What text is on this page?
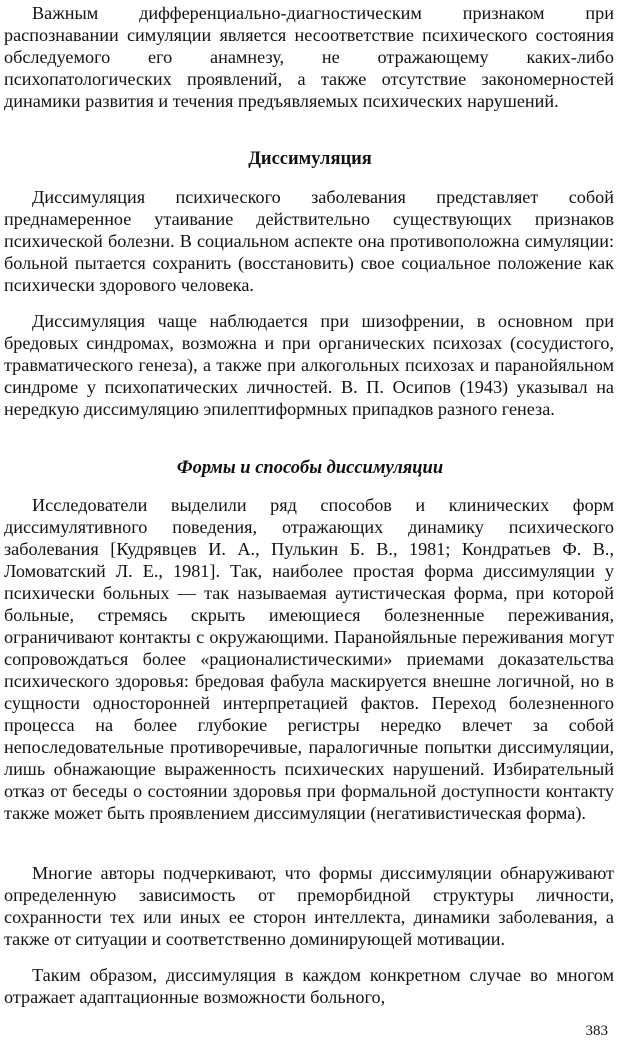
Важным дифференциально-диагностическим признаком при распознавании симуляции является несоответствие психического состояния обследуемого его анамнезу, не отражающему каких-либо психопатологических проявлений, а также отсутствие закономерностей динамики развития и течения предъявляемых психических нарушений.

Диссимуляция

Диссимуляция психического заболевания представляет собой преднамеренное утаивание действительно существующих признаков психической болезни. В социальном аспекте она противоположна симуляции: больной пытается сохранить (восстановить) свое социальное положение как психически здорового человека.

Диссимуляция чаще наблюдается при шизофрении, в основном при бредовых синдромах, возможна и при органических психозах (сосудистого, травматического генеза), а также при алкогольных психозах и паранойяльном синдроме у психопатических личностей. В. П. Осипов (1943) указывал на нередкую диссимуляцию эпилептиформных припадков разного генеза.

Формы и способы диссимуляции

Исследователи выделили ряд способов и клинических форм диссимулятивного поведения, отражающих динамику психического заболевания [Кудрявцев И. А., Пулькин Б. В., 1981; Кондратьев Ф. В., Ломоватский Л. Е., 1981]. Так, наиболее простая форма диссимуляции у психически больных — так называемая аутистическая форма, при которой больные, стремясь скрыть имеющиеся болезненные переживания, ограничивают контакты с окружающими. Паранойяльные переживания могут сопровождаться более «рационалистическими» приемами доказательства психического здоровья: бредовая фабула маскируется внешне логичной, но в сущности односторонней интерпретацией фактов. Переход болезненного процесса на более глубокие регистры нередко влечет за собой непоследовательные противоречивые, паралогичные попытки диссимуляции, лишь обнажающие выраженность психических нарушений. Избирательный отказ от беседы о состоянии здоровья при формальной доступности контакту также может быть проявлением диссимуляции (негативистическая форма).

Многие авторы подчеркивают, что формы диссимуляции обнаруживают определенную зависимость от преморбидной структуры личности, сохранности тех или иных ее сторон интеллекта, динамики заболевания, а также от ситуации и соответственно доминирующей мотивации.

Таким образом, диссимуляция в каждом конкретном случае во многом отражает адаптационные возможности больного,

383
